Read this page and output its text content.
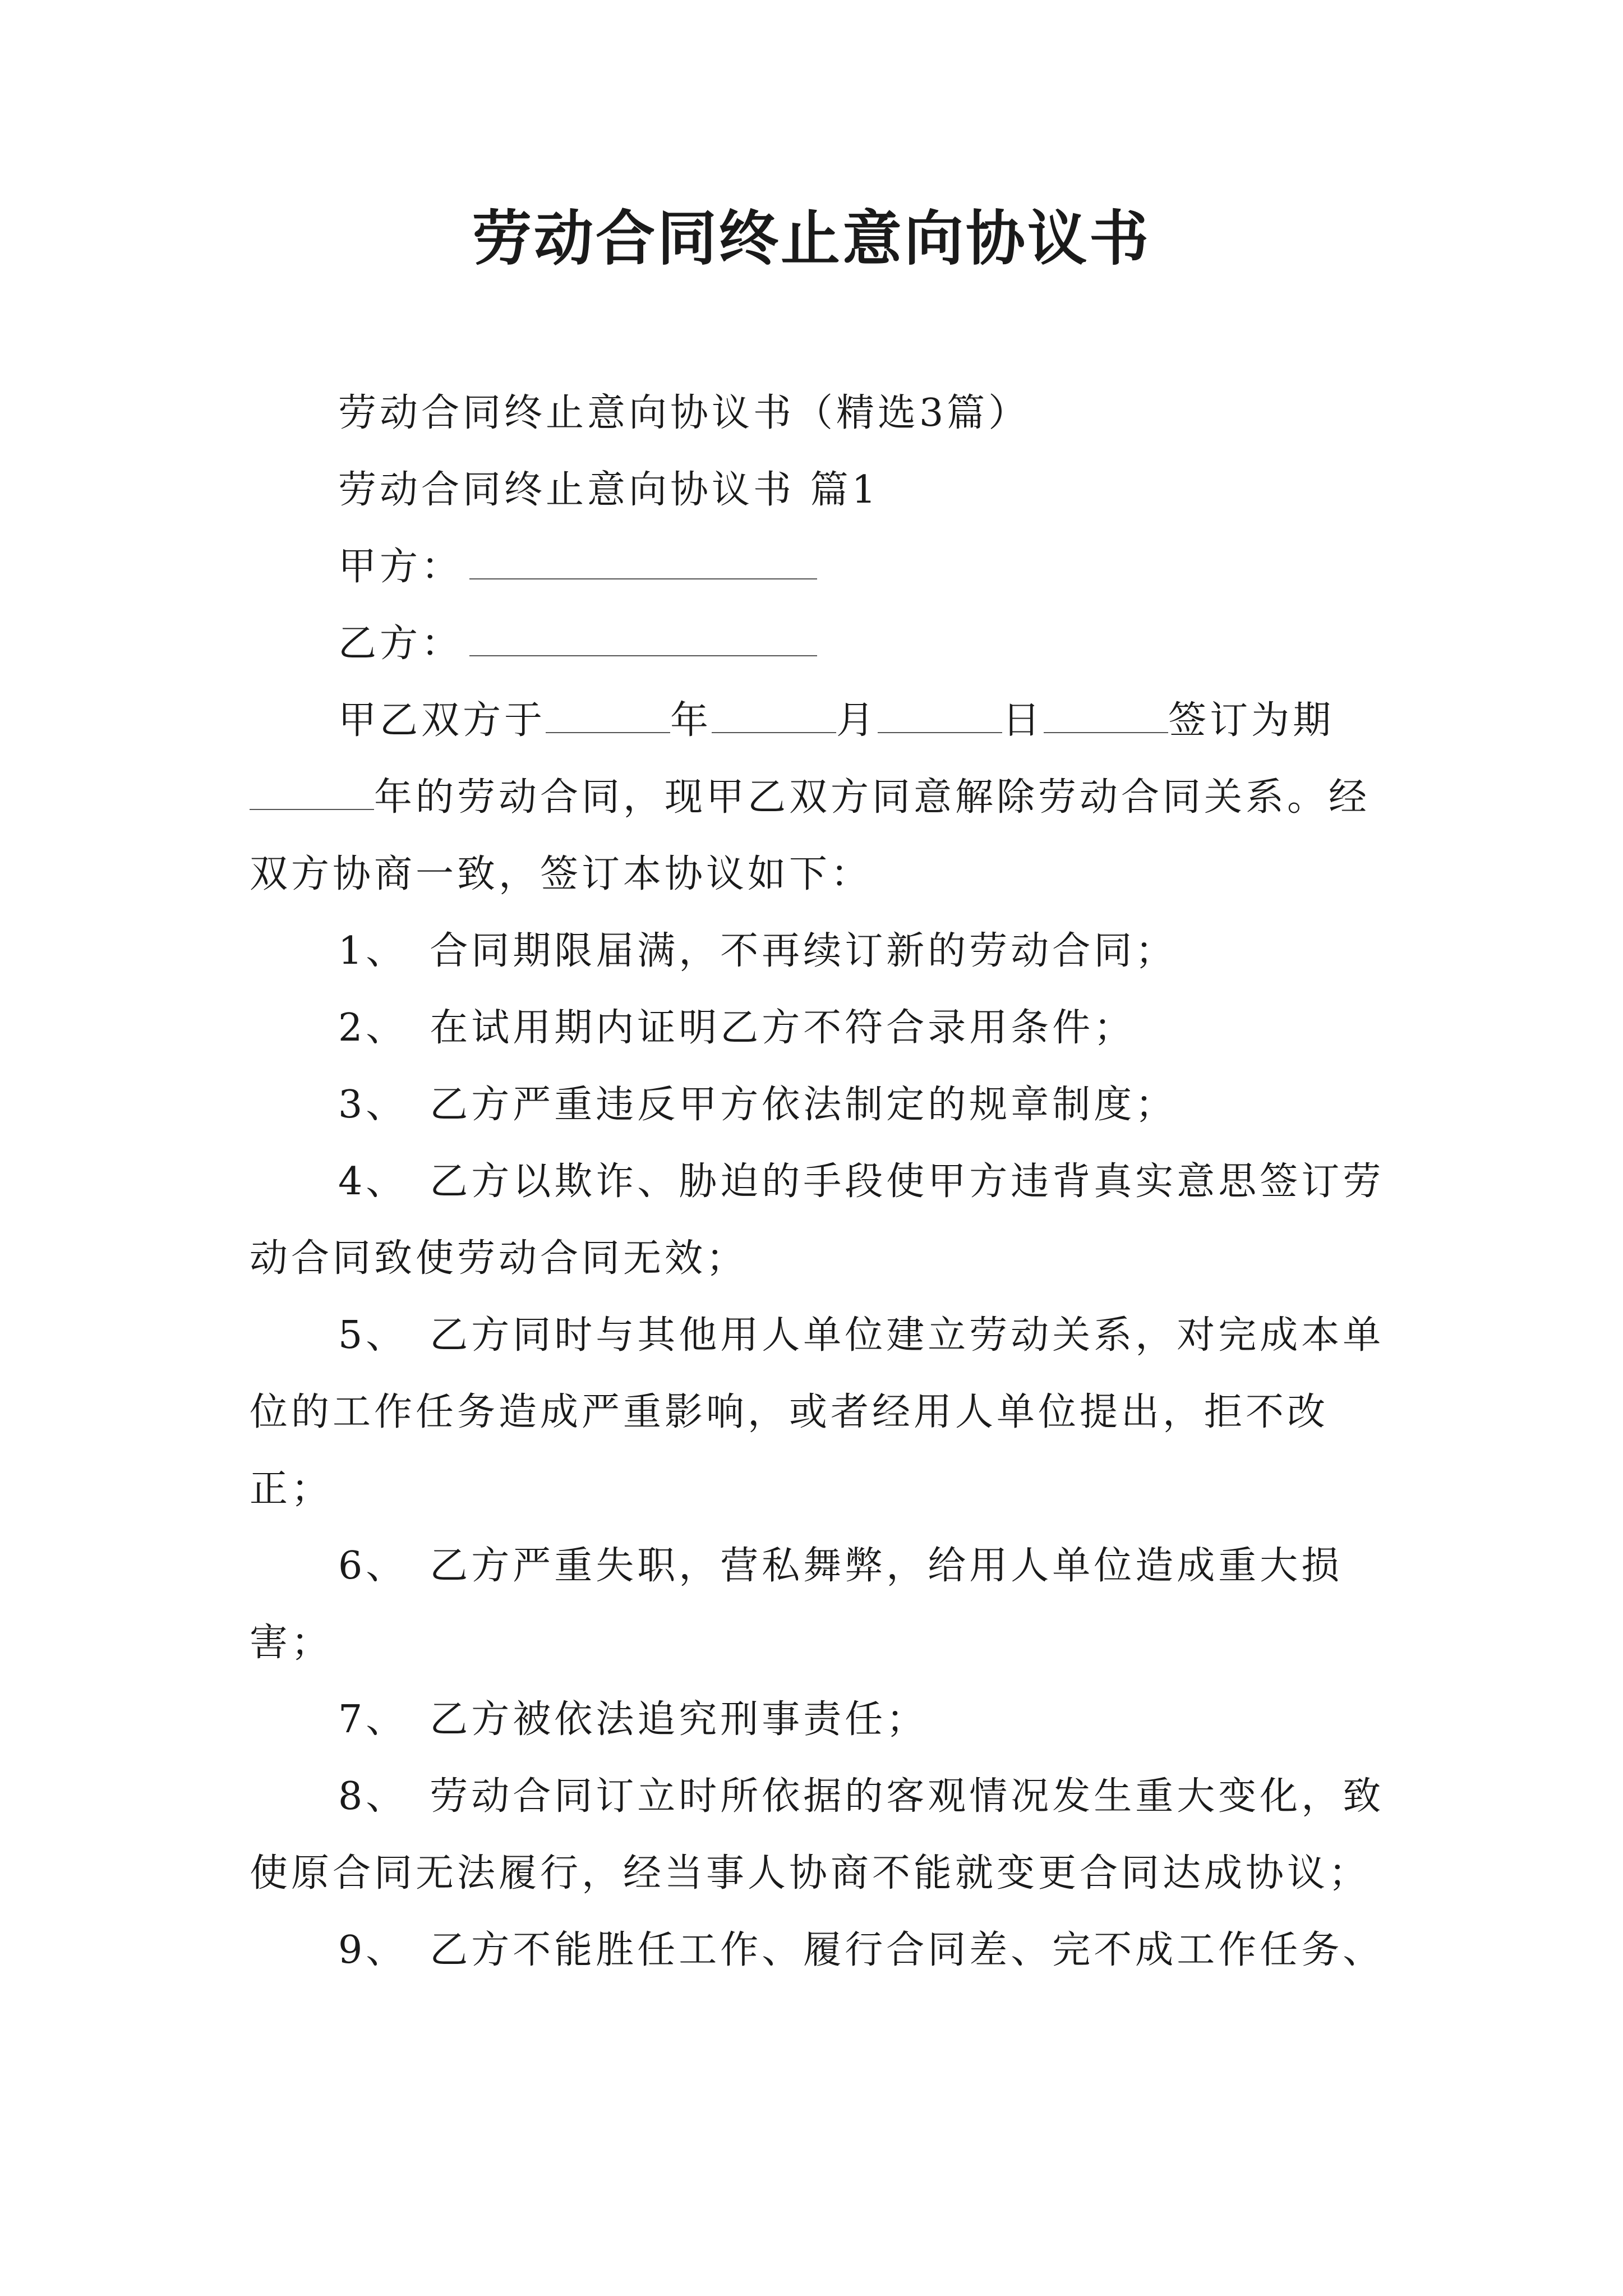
劳动合同终止意向协议书

劳动合同终止意向协议书（精选3篇）

劳动合同终止意向协议书 篇1

甲方：

乙方：

甲乙双方于	年	月	日	签订为期年的劳动合同，现甲乙双方同意解除劳动合同关系。经双方协商一致，签订本协议如下：

1、 合同期限届满，不再续订新的劳动合同；

2、 在试用期内证明乙方不符合录用条件；

3、 乙方严重违反甲方依法制定的规章制度；

4、 乙方以欺诈、胁迫的手段使甲方违背真实意思签订劳动合同致使劳动合同无效；

5、 乙方同时与其他用人单位建立劳动关系，对完成本单位的工作任务造成严重影响，或者经用人单位提出，拒不改正；

6、 乙方严重失职，营私舞弊，给用人单位造成重大损害；

7、 乙方被依法追究刑事责任；

8、 劳动合同订立时所依据的客观情况发生重大变化，致使原合同无法履行，经当事人协商不能就变更合同达成协议；

9、 乙方不能胜任工作、履行合同差、完不成工作任务、
